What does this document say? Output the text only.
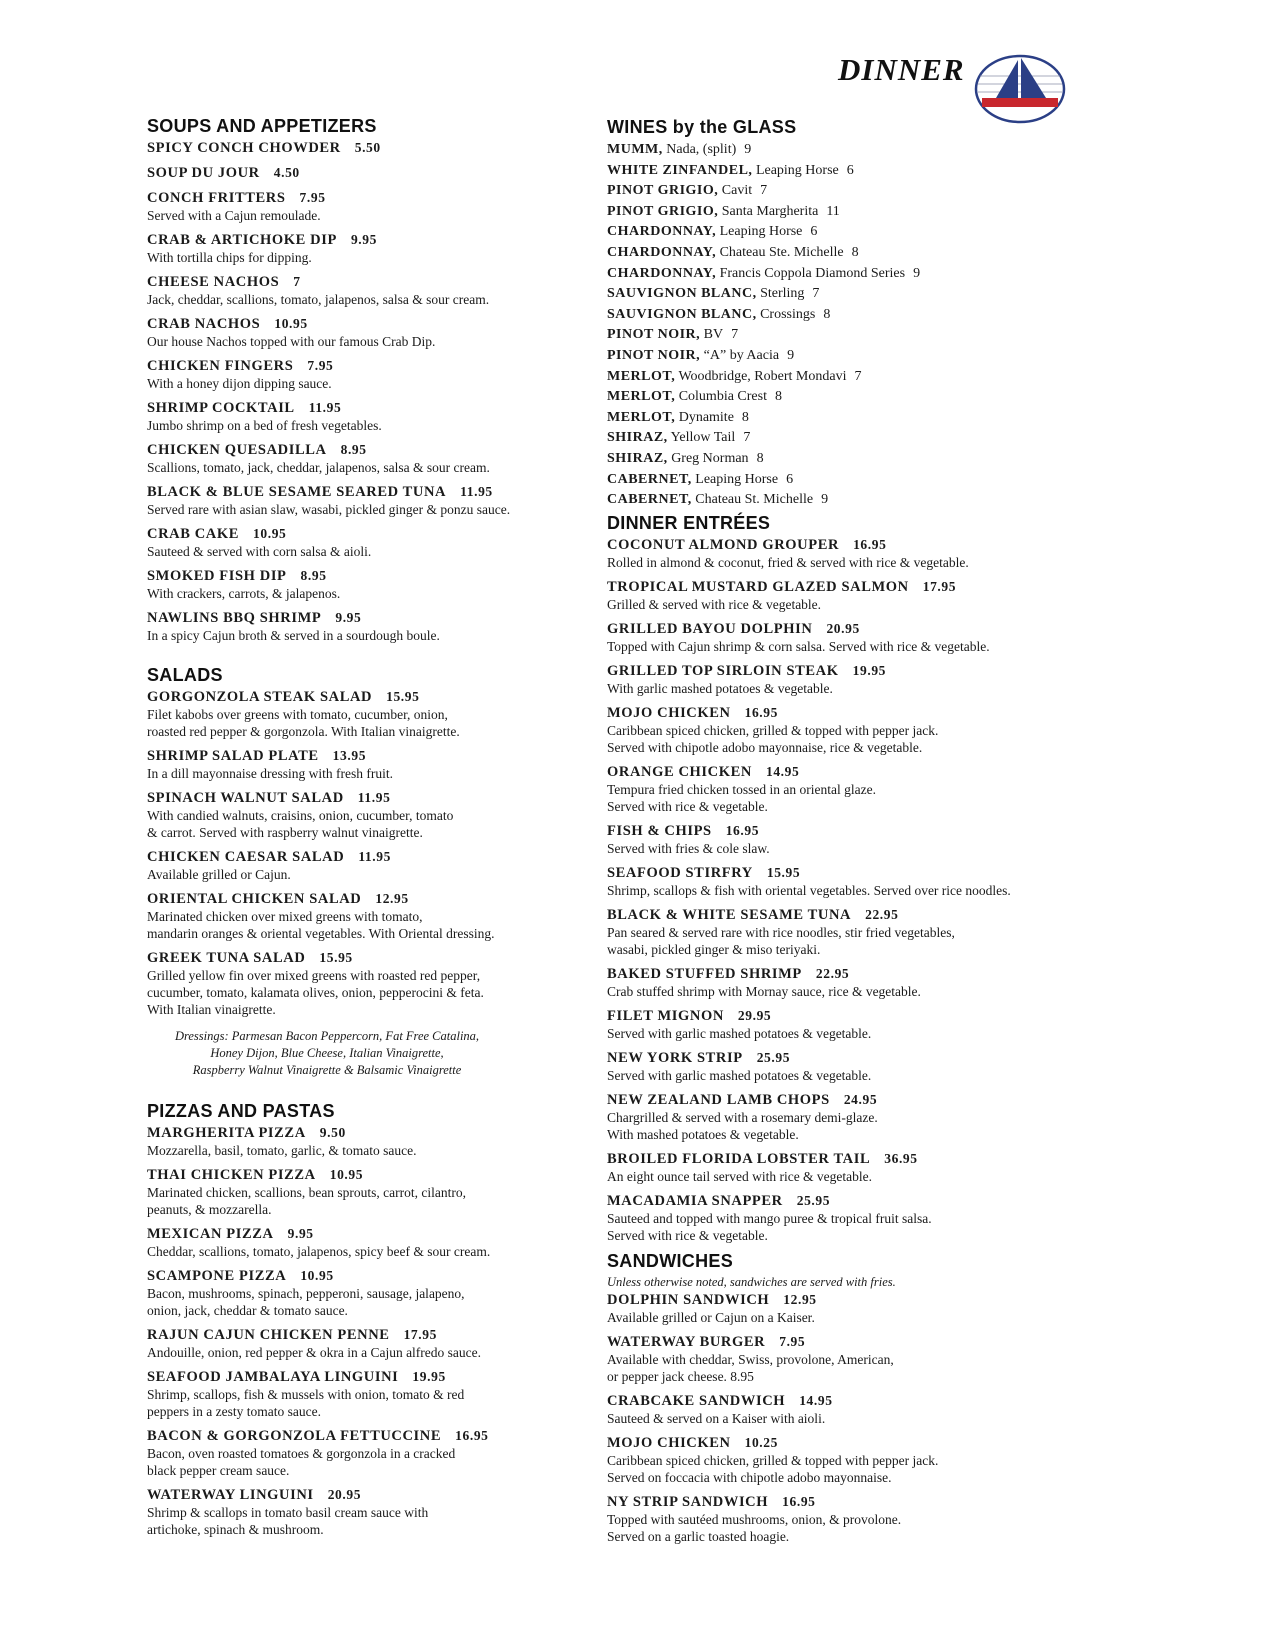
DINNER
SOUPS AND APPETIZERS
SPICY CONCH CHOWDER 5.50
SOUP DU JOUR 4.50
CONCH FRITTERS 7.95
Served with a Cajun remoulade.
CRAB & ARTICHOKE DIP 9.95
With tortilla chips for dipping.
CHEESE NACHOS 7
Jack, cheddar, scallions, tomato, jalapenos, salsa & sour cream.
CRAB NACHOS 10.95
Our house Nachos topped with our famous Crab Dip.
CHICKEN FINGERS 7.95
With a honey dijon dipping sauce.
SHRIMP COCKTAIL 11.95
Jumbo shrimp on a bed of fresh vegetables.
CHICKEN QUESADILLA 8.95
Scallions, tomato, jack, cheddar, jalapenos, salsa & sour cream.
BLACK & BLUE SESAME SEARED TUNA 11.95
Served rare with asian slaw, wasabi, pickled ginger & ponzu sauce.
CRAB CAKE 10.95
Sauteed & served with corn salsa & aioli.
SMOKED FISH DIP 8.95
With crackers, carrots, & jalapenos.
NAWLINS BBQ SHRIMP 9.95
In a spicy Cajun broth & served in a sourdough boule.
SALADS
GORGONZOLA STEAK SALAD 15.95
Filet kabobs over greens with tomato, cucumber, onion,
roasted red pepper & gorgonzola. With Italian vinaigrette.
SHRIMP SALAD PLATE 13.95
In a dill mayonnaise dressing with fresh fruit.
SPINACH WALNUT SALAD 11.95
With candied walnuts, craisins, onion, cucumber, tomato
& carrot. Served with raspberry walnut vinaigrette.
CHICKEN CAESAR SALAD 11.95
Available grilled or Cajun.
ORIENTAL CHICKEN SALAD 12.95
Marinated chicken over mixed greens with tomato,
mandarin oranges & oriental vegetables. With Oriental dressing.
GREEK TUNA SALAD 15.95
Grilled yellow fin over mixed greens with roasted red pepper,
cucumber, tomato, kalamata olives, onion, pepperocini & feta.
With Italian vinaigrette.
Dressings: Parmesan Bacon Peppercorn, Fat Free Catalina,
Honey Dijon, Blue Cheese, Italian Vinaigrette,
Raspberry Walnut Vinaigrette & Balsamic Vinaigrette
PIZZAS AND PASTAS
MARGHERITA PIZZA 9.50
Mozzarella, basil, tomato, garlic, & tomato sauce.
THAI CHICKEN PIZZA 10.95
Marinated chicken, scallions, bean sprouts, carrot, cilantro,
peanuts, & mozzarella.
MEXICAN PIZZA 9.95
Cheddar, scallions, tomato, jalapenos, spicy beef & sour cream.
SCAMPONE PIZZA 10.95
Bacon, mushrooms, spinach, pepperoni, sausage, jalapeno,
onion, jack, cheddar & tomato sauce.
RAJUN CAJUN CHICKEN PENNE 17.95
Andouille, onion, red pepper & okra in a Cajun alfredo sauce.
SEAFOOD JAMBALAYA LINGUINI 19.95
Shrimp, scallops, fish & mussels with onion, tomato & red
peppers in a zesty tomato sauce.
BACON & GORGONZOLA FETTUCCINE 16.95
Bacon, oven roasted tomatoes & gorgonzola in a cracked
black pepper cream sauce.
WATERWAY LINGUINI 20.95
Shrimp & scallops in tomato basil cream sauce with
artichoke, spinach & mushroom.
WINES by the GLASS
MUMM, Nada, (split) 9
WHITE ZINFANDEL, Leaping Horse 6
PINOT GRIGIO, Cavit 7
PINOT GRIGIO, Santa Margherita 11
CHARDONNAY, Leaping Horse 6
CHARDONNAY, Chateau Ste. Michelle 8
CHARDONNAY, Francis Coppola Diamond Series 9
SAUVIGNON BLANC, Sterling 7
SAUVIGNON BLANC, Crossings 8
PINOT NOIR, BV 7
PINOT NOIR, “A” by Aacia 9
MERLOT, Woodbridge, Robert Mondavi 7
MERLOT, Columbia Crest 8
MERLOT, Dynamite 8
SHIRAZ, Yellow Tail 7
SHIRAZ, Greg Norman 8
CABERNET, Leaping Horse 6
CABERNET, Chateau St. Michelle 9
DINNER ENTRÉES
COCONUT ALMOND GROUPER 16.95
Rolled in almond & coconut, fried & served with rice & vegetable.
TROPICAL MUSTARD GLAZED SALMON 17.95
Grilled & served with rice & vegetable.
GRILLED BAYOU DOLPHIN 20.95
Topped with Cajun shrimp & corn salsa. Served with rice & vegetable.
GRILLED TOP SIRLOIN STEAK 19.95
With garlic mashed potatoes & vegetable.
MOJO CHICKEN 16.95
Caribbean spiced chicken, grilled & topped with pepper jack.
Served with chipotle adobo mayonnaise, rice & vegetable.
ORANGE CHICKEN 14.95
Tempura fried chicken tossed in an oriental glaze.
Served with rice & vegetable.
FISH & CHIPS 16.95
Served with fries & cole slaw.
SEAFOOD STIRFRY 15.95
Shrimp, scallops & fish with oriental vegetables. Served over rice noodles.
BLACK & WHITE SESAME TUNA 22.95
Pan seared & served rare with rice noodles, stir fried vegetables,
wasabi, pickled ginger & miso teriyaki.
BAKED STUFFED SHRIMP 22.95
Crab stuffed shrimp with Mornay sauce, rice & vegetable.
FILET MIGNON 29.95
Served with garlic mashed potatoes & vegetable.
NEW YORK STRIP 25.95
Served with garlic mashed potatoes & vegetable.
NEW ZEALAND LAMB CHOPS 24.95
Chargrilled & served with a rosemary demi-glaze.
With mashed potatoes & vegetable.
BROILED FLORIDA LOBSTER TAIL 36.95
An eight ounce tail served with rice & vegetable.
MACADAMIA SNAPPER 25.95
Sauteed and topped with mango puree & tropical fruit salsa.
Served with rice & vegetable.
SANDWICHES
Unless otherwise noted, sandwiches are served with fries.
DOLPHIN SANDWICH 12.95
Available grilled or Cajun on a Kaiser.
WATERWAY BURGER 7.95
Available with cheddar, Swiss, provolone, American,
or pepper jack cheese. 8.95
CRABCAKE SANDWICH 14.95
Sauteed & served on a Kaiser with aioli.
MOJO CHICKEN 10.25
Caribbean spiced chicken, grilled & topped with pepper jack.
Served on foccacia with chipotle adobo mayonnaise.
NY STRIP SANDWICH 16.95
Topped with sautéed mushrooms, onion, & provolone.
Served on a garlic toasted hoagie.
